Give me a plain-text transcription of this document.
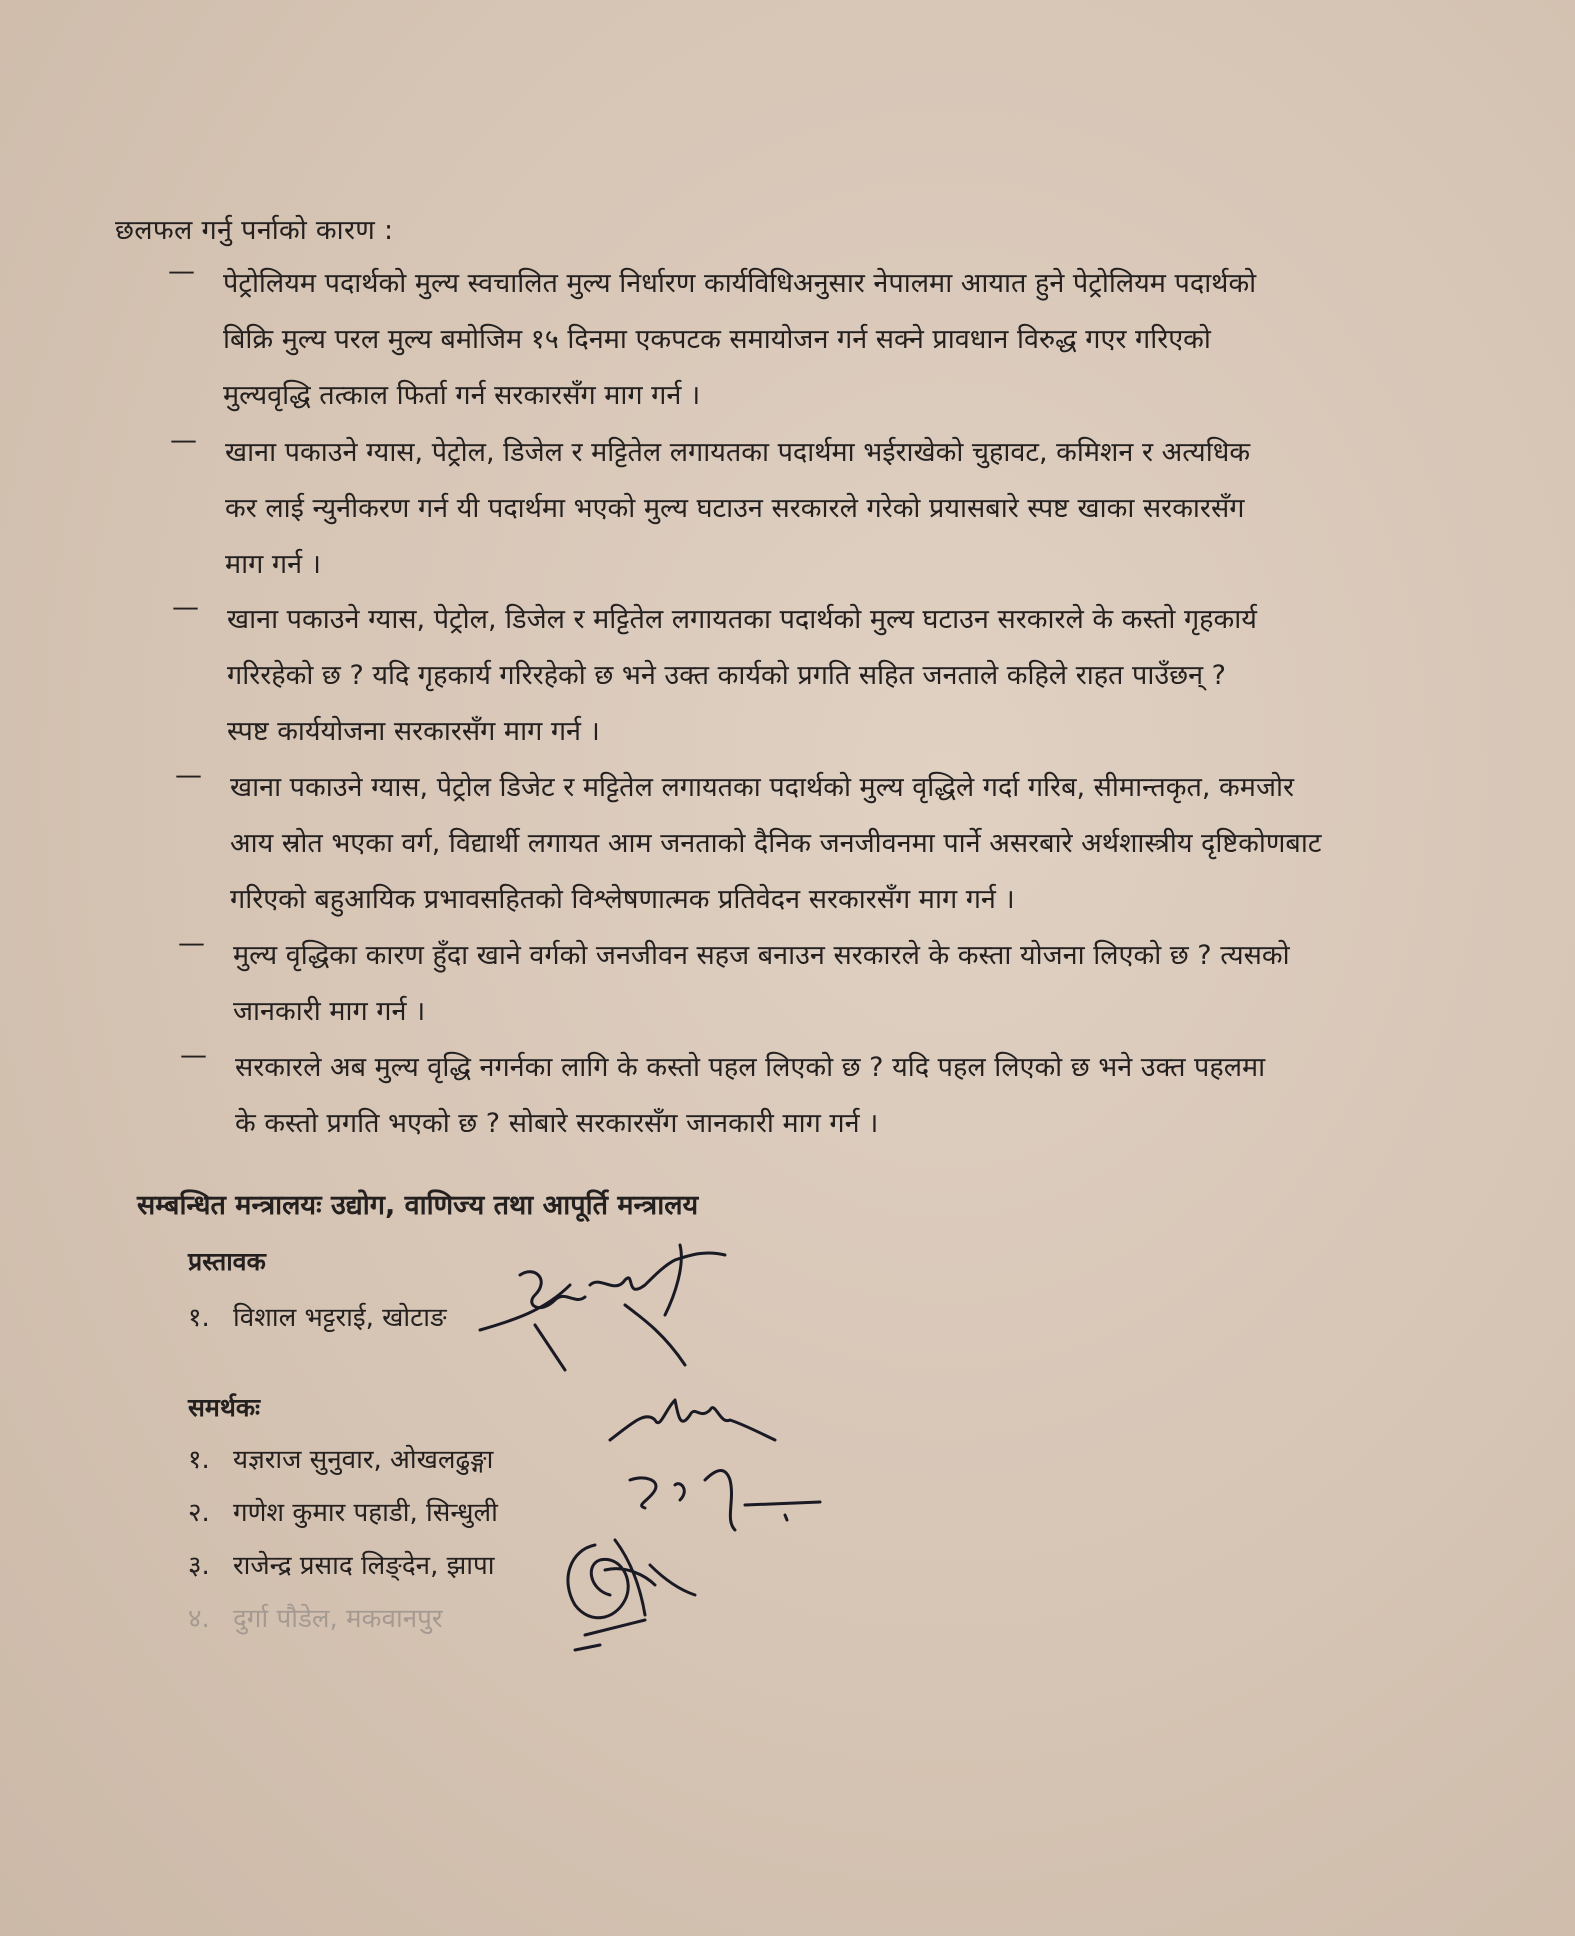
छलफल गर्नु पर्नाको कारण :
— पेट्रोलियम पदार्थको मुल्य स्वचालित मुल्य निर्धारण कार्यविधिअनुसार नेपालमा आयात हुने पेट्रोलियम पदार्थको
बिक्रि मुल्य परल मुल्य बमोजिम १५ दिनमा एकपटक समायोजन गर्न सक्ने प्रावधान विरुद्ध गएर गरिएको
मुल्यवृद्धि तत्काल फिर्ता गर्न सरकारसँग माग गर्न ।
— खाना पकाउने ग्यास, पेट्रोल, डिजेल र मट्टितेल लगायतका पदार्थमा भईराखेको चुहावट, कमिशन र अत्यधिक
कर लाई न्युनीकरण गर्न यी पदार्थमा भएको मुल्य घटाउन सरकारले गरेको प्रयासबारे स्पष्ट खाका सरकारसँग
माग गर्न ।
— खाना पकाउने ग्यास, पेट्रोल, डिजेल र मट्टितेल लगायतका पदार्थको मुल्य घटाउन सरकारले के कस्तो गृहकार्य
गरिरहेको छ ? यदि गृहकार्य गरिरहेको छ भने उक्त कार्यको प्रगति सहित जनताले कहिले राहत पाउँछन् ?
स्पष्ट कार्ययोजना सरकारसँग माग गर्न ।
— खाना पकाउने ग्यास, पेट्रोल डिजेट र मट्टितेल लगायतका पदार्थको मुल्य वृद्धिले गर्दा गरिब, सीमान्तकृत, कमजोर
आय स्रोत भएका वर्ग, विद्यार्थी लगायत आम जनताको दैनिक जनजीवनमा पार्ने असरबारे अर्थशास्त्रीय दृष्टिकोणबाट
गरिएको बहुआयिक प्रभावसहितको विश्लेषणात्मक प्रतिवेदन सरकारसँग माग गर्न ।
— मुल्य वृद्धिका कारण हुँदा खाने वर्गको जनजीवन सहज बनाउन सरकारले के कस्ता योजना लिएको छ ? त्यसको
जानकारी माग गर्न ।
— सरकारले अब मुल्य वृद्धि नगर्नका लागि के कस्तो पहल लिएको छ ? यदि पहल लिएको छ भने उक्त पहलमा
के कस्तो प्रगति भएको छ ? सोबारे सरकारसँग जानकारी माग गर्न ।
सम्बन्धित मन्त्रालयः उद्योग, वाणिज्य तथा आपूर्ति मन्त्रालय
प्रस्तावक
१. विशाल भट्टराई, खोटाङ
समर्थकः
१. यज्ञराज सुनुवार, ओखलढुङ्गा
२. गणेश कुमार पहाडी, सिन्धुली
३. राजेन्द्र प्रसाद लिङ्देन, झापा
४. दुर्गा पौडेल, मकवानपुर
